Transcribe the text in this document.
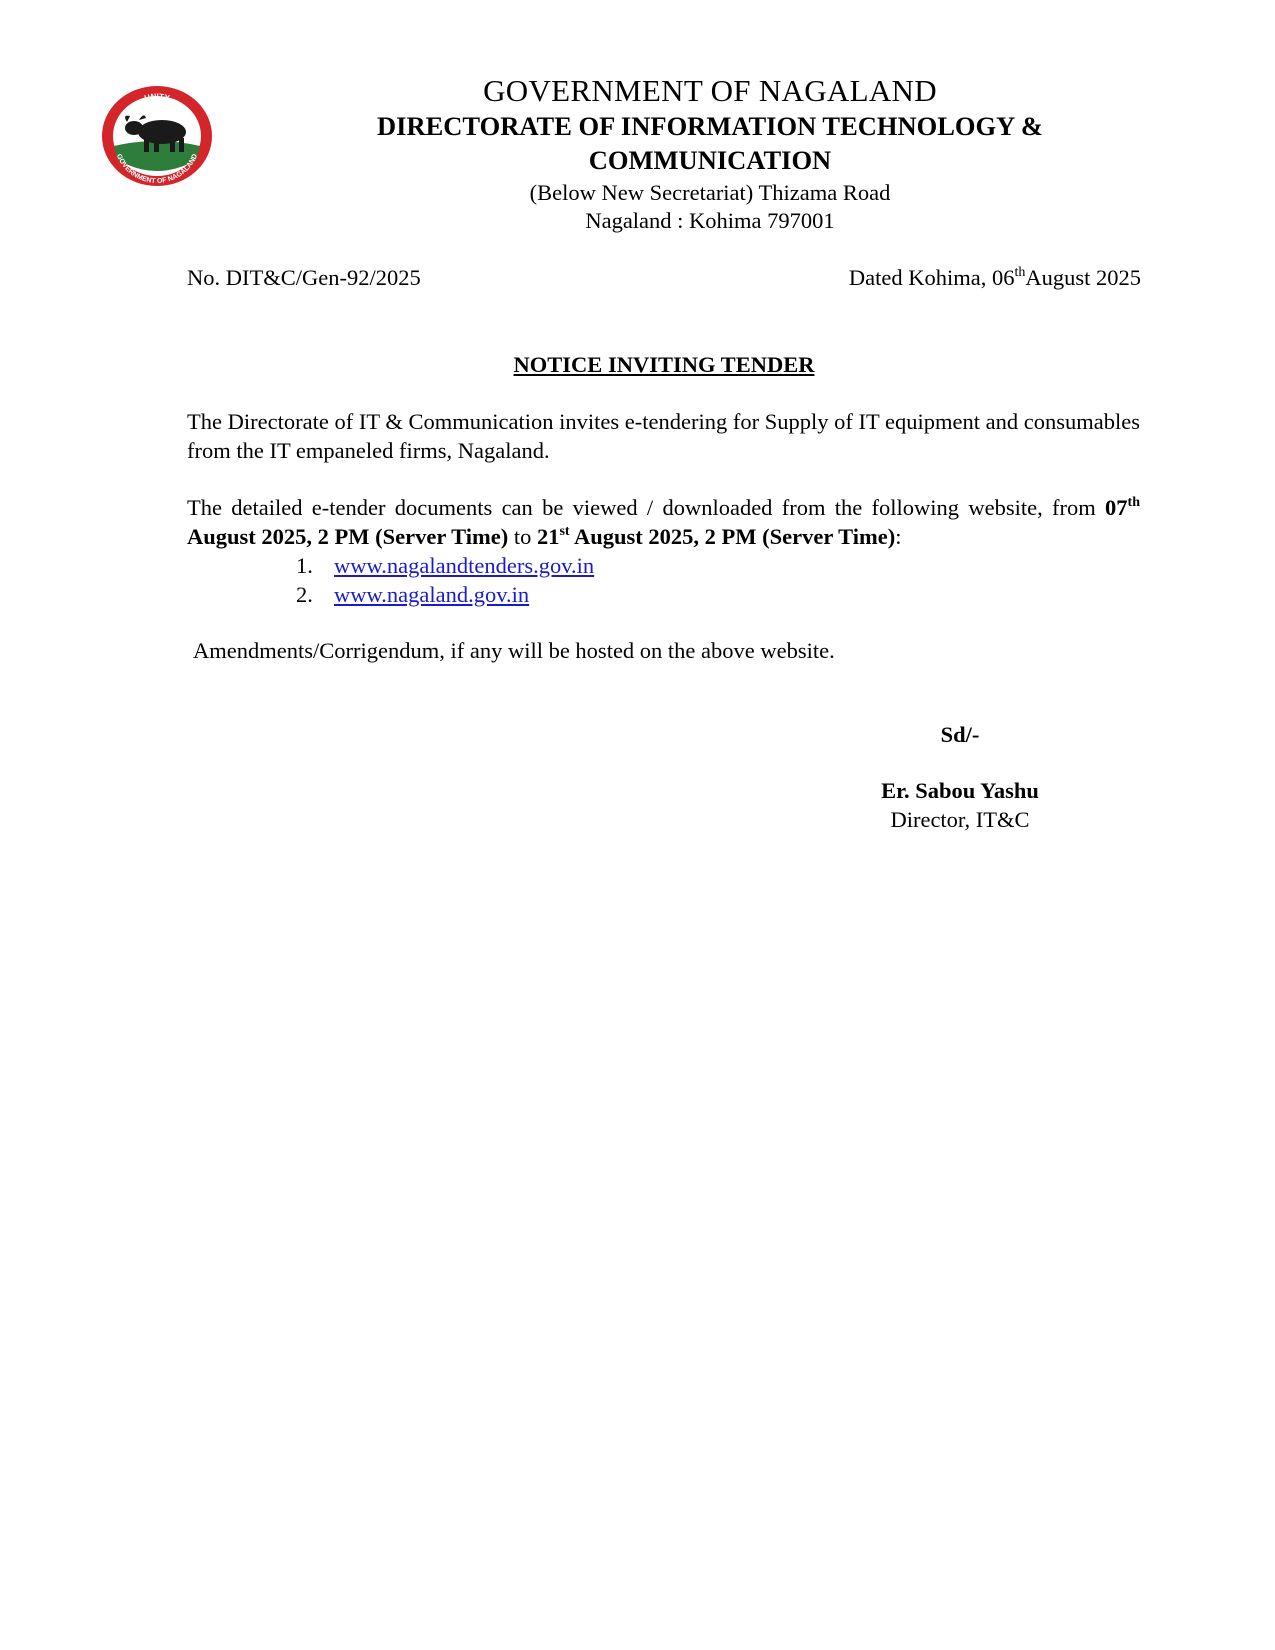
UNITY
GOVERNMENT OF NAGALAND
GOVERNMENT OF NAGALAND
DIRECTORATE OF INFORMATION TECHNOLOGY &
COMMUNICATION
(Below New Secretariat) Thizama Road
Nagaland : Kohima 797001
No. DIT&C/Gen-92/2025	Dated Kohima, 06thAugust 2025
NOTICE INVITING TENDER
The Directorate of IT & Communication invites e-tendering for Supply of IT equipment and consumables from the IT empaneled firms, Nagaland.
The detailed e-tender documents can be viewed / downloaded from the following website, from 07th August 2025, 2 PM (Server Time) to 21st August 2025, 2 PM (Server Time):
1. www.nagalandtenders.gov.in
2. www.nagaland.gov.in
Amendments/Corrigendum, if any will be hosted on the above website.
Sd/-
Er. Sabou Yashu
Director, IT&C
